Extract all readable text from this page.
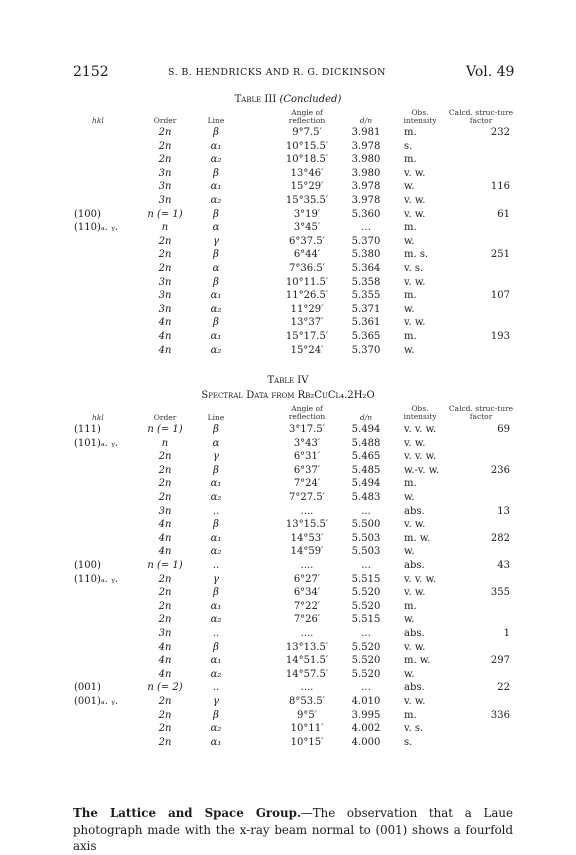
2152	S. B. HENDRICKS AND R. G. DICKINSON	Vol. 49
Table III (Concluded)
hkl	Order	Line
Angle of reflection	d/n
Obs. intensity
Calcd. struc-ture factor
2n	β	9°7.5′	3.981	m.	232
2n	α₁	10°15.5′	3.978	s.
2n	α₂	10°18.5′	3.980	m.
3n	β	13°46′	3.980	v. w.
3n	α₁	15°29′	3.978	w.	116
3n	α₂	15°35.5′	3.978	v. w.
(100)	n (= 1)	β	3°19′	5.360	v. w.	61
(110)ₐ. ᵧ.	n	α	3°45′	…	m.
2n	γ	6°37.5′	5.370	w.
2n	β	6°44′	5.380	m. s.	251
2n	α	7°36.5′	5.364	v. s.
3n	β	10°11.5′	5.358	v. w.
3n	α₁	11°26.5′	5.355	m.	107
3n	α₂	11°29′	5.371	w.
4n	β	13°37′	5.361	v. w.
4n	α₁	15°17.5′	5.365	m.	193
4n	α₂	15°24′	5.370	w.
Table IV
Spectral Data from Rb₂CuCl₄.2H₂O
hkl	Order	Line
Angle of reflection	d/n
Obs. intensity
Calcd. struc-ture factor
(111)	n (= 1)	β	3°17.5′	5.494	v. v. w.	69
(101)ₐ. ᵧ.	n	α	3°43′	5.488	v. w.
2n	γ	6°31′	5.465	v. v. w.
2n	β	6°37′	5.485	w.-v. w.	236
2n	α₁	7°24′	5.494	m.
2n	α₂	7°27.5′	5.483	w.
3n	..	....	...	abs.	13
4n	β	13°15.5′	5.500	v. w.
4n	α₁	14°53′	5.503	m. w.	282
4n	α₂	14°59′	5.503	w.
(100)	n (= 1)	..	....	...	abs.	43
(110)ₐ. ᵧ.	2n	γ	6°27′	5.515	v. v. w.
2n	β	6°34′	5.520	v. w.	355
2n	α₁	7°22′	5.520	m.
2n	α₂	7°26′	5.515	w.
3n	..	....	...	abs.	1
4n	β	13°13.5′	5.520	v. w.
4n	α₁	14°51.5′	5.520	m. w.	297
4n	α₂	14°57.5′	5.520	w.
(001)	n (= 2)	..	....	...	abs.	22
(001)ₐ. ᵧ.	2n	γ	8°53.5′	4.010	v. w.
2n	β	9°5′	3.995	m.	336
2n	α₂	10°11′	4.002	v. s.
2n	α₁	10°15′	4.000	s.
The Lattice and Space Group.—The observation that a Laue photograph made with the x-ray beam normal to (001) shows a fourfold axis
